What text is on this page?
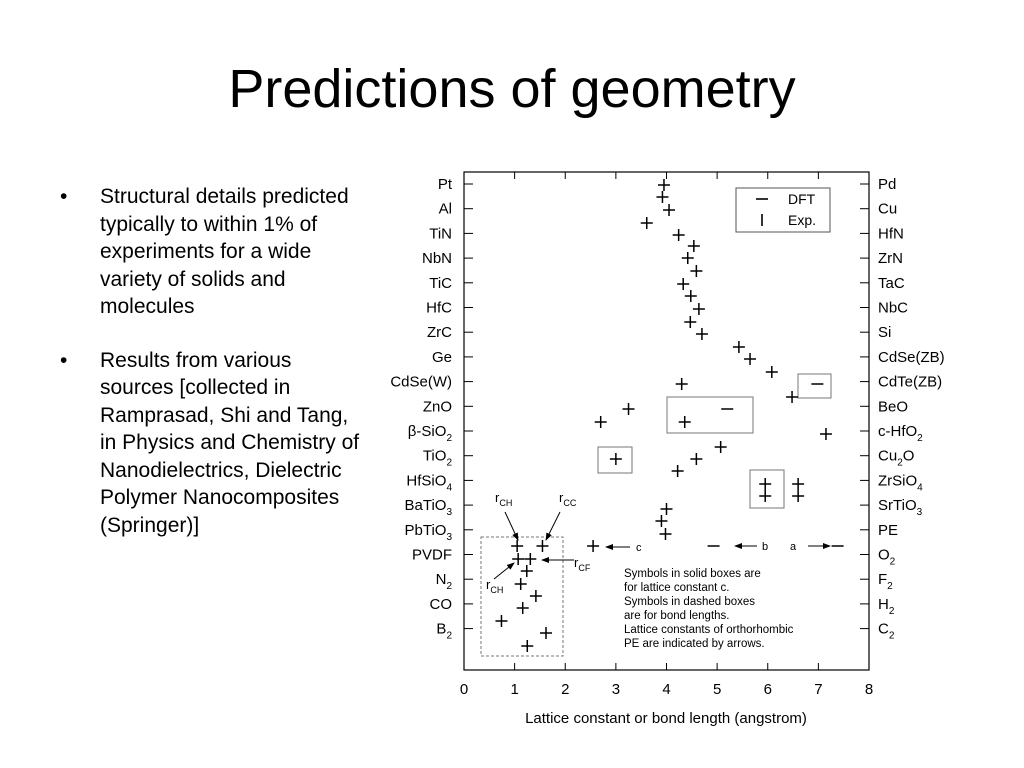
Predictions of geometry
• Structural details predicted typically to within 1% of experiments for a wide variety of solids and molecules
• Results from various sources [collected in Ramprasad, Shi and Tang, in Physics and Chemistry of Nanodielectrics, Dielectric Polymer Nanocomposites (Springer)]
Pt
Al
TiN
NbN
TiC
HfC
ZrC
Ge
CdSe(W)
ZnO
β-SiO$_2$
TiO$_2$
HfSiO$_4$
BaTiO$_3$
PbTiO$_3$
PVDF
$N_2$
CO
$B_2$
Pd
Cu
HfN
ZrN
TaC
NbC
Si
CdSe(ZB)
CdTe(ZB)
BeO
c-HfO$_2$
$Cu_2O$
ZrSiO$_4$
SrTiO$_3$
PE
$O_2$
$F_2$
$H_2$
$C_2$
0	1	2	3	4	5	6	7	8
Lattice constant or bond length (angstrom)
DFT
Exp.
$r_{CH}$	$r_{CC}$
$r_{CF}$
$r_{CH}$
c	b a
Symbols in solid boxes are
for lattice constant c.
Symbols in dashed boxes
are for bond lengths.
Lattice constants of orthorhombic
PE are indicated by arrows.
